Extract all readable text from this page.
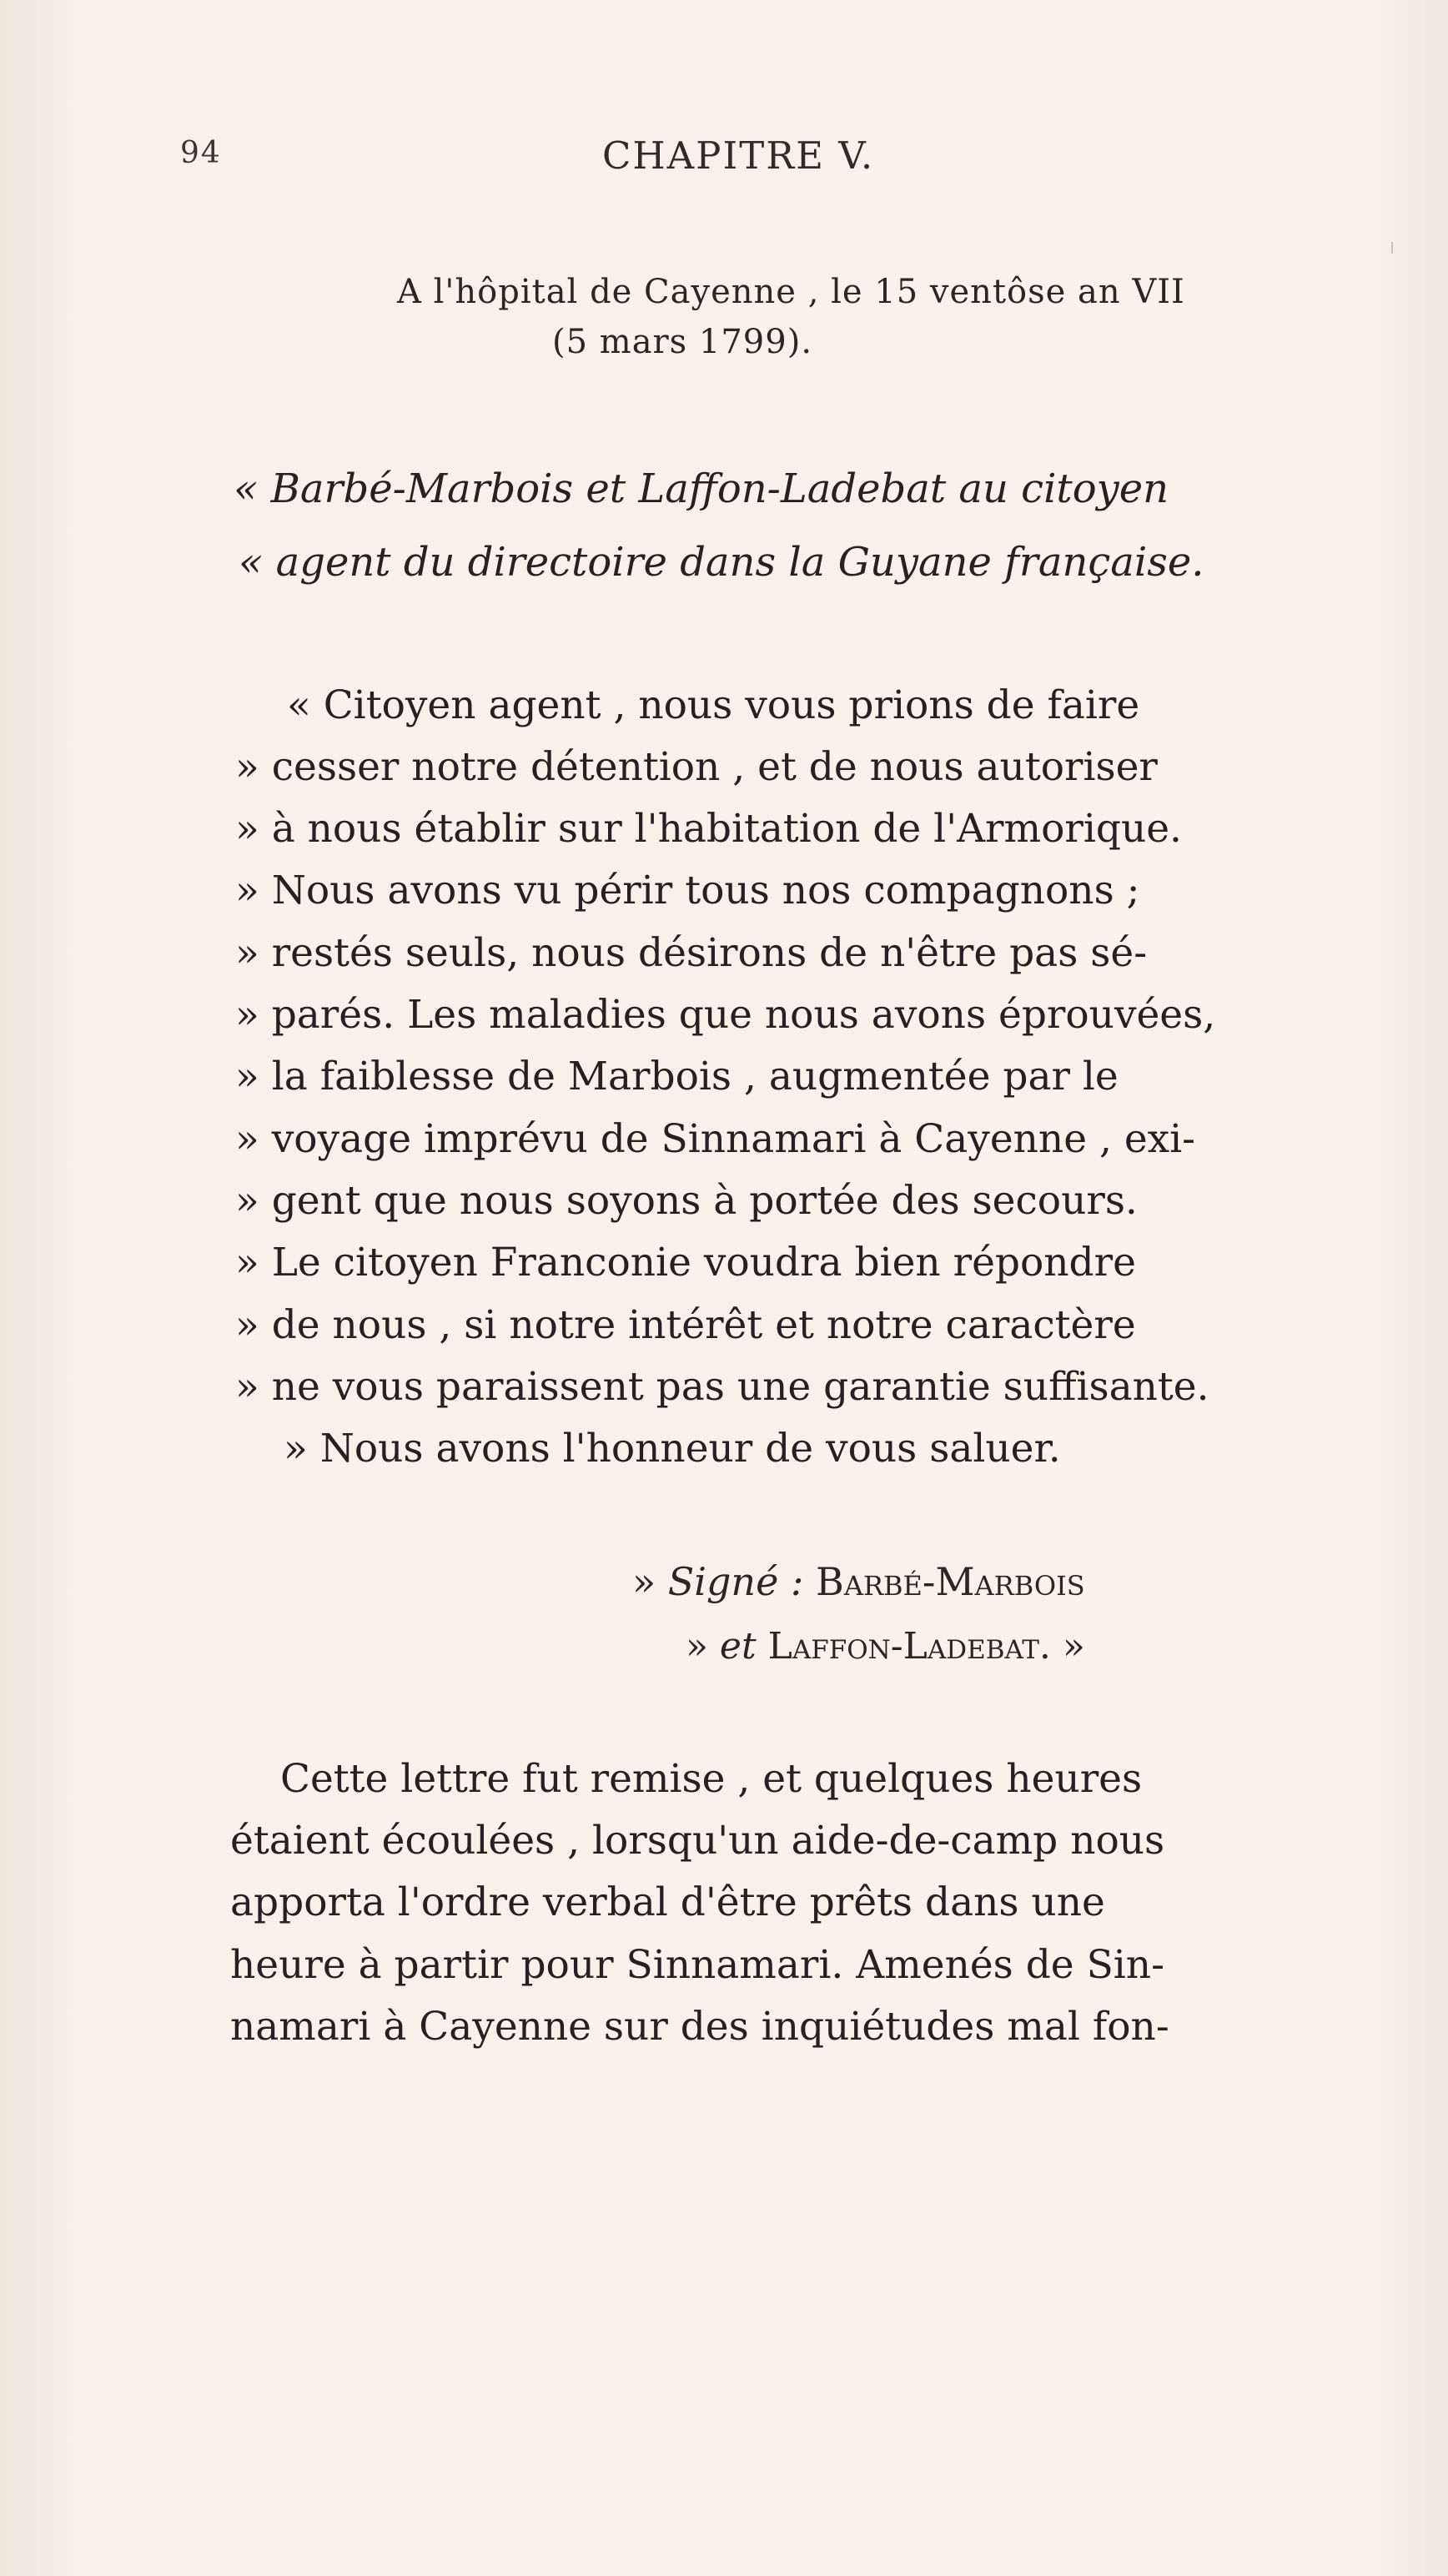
94	CHAPITRE V.
A l'hôpital de Cayenne , le 15 ventôse an VII
(5 mars 1799).
« Barbé-Marbois et Laffon-Ladebat au citoyen
« agent du directoire dans la Guyane française.
« Citoyen agent , nous vous prions de faire
» cesser notre détention , et de nous autoriser
» à nous établir sur l'habitation de l'Armorique.
» Nous avons vu périr tous nos compagnons ;
» restés seuls, nous désirons de n'être pas sé-
» parés. Les maladies que nous avons éprouvées,
» la faiblesse de Marbois , augmentée par le
» voyage imprévu de Sinnamari à Cayenne , exi-
» gent que nous soyons à portée des secours.
» Le citoyen Franconie voudra bien répondre
» de nous , si notre intérêt et notre caractère
» ne vous paraissent pas une garantie suffisante.
» Nous avons l'honneur de vous saluer.
» Signé : Barbé-Marbois
» et Laffon-Ladebat. »
Cette lettre fut remise , et quelques heures
étaient écoulées , lorsqu'un aide-de-camp nous
apporta l'ordre verbal d'être prêts dans une
heure à partir pour Sinnamari. Amenés de Sin-
namari à Cayenne sur des inquiétudes mal fon-
